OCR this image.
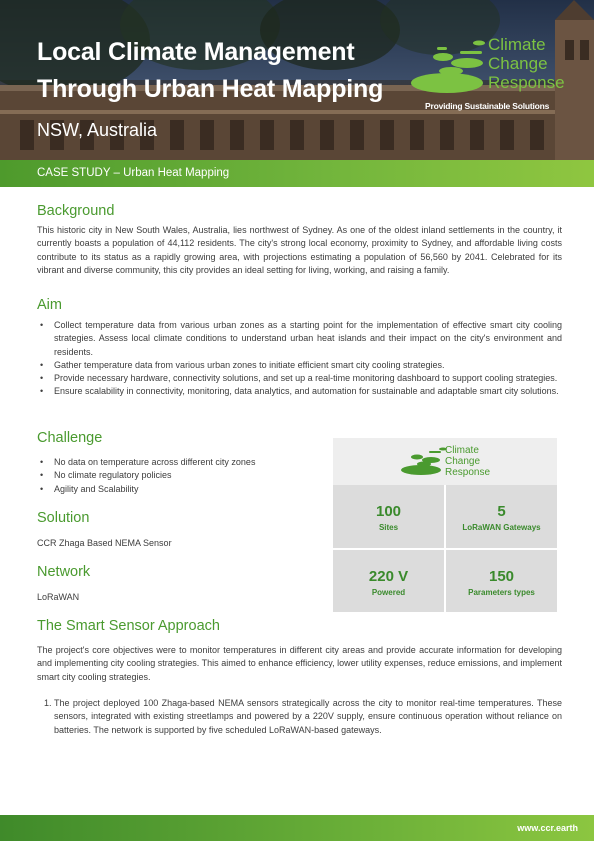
Local Climate Management Through Urban Heat Mapping
NSW, Australia
Climate
Change
Response
Providing Sustainable Solutions
CASE STUDY – Urban Heat Mapping
Background

This historic city in New South Wales, Australia, lies northwest of Sydney. As one of the oldest inland settlements in the country, it currently boasts a population of 44,112 residents. The city's strong local economy, proximity to Sydney, and affordable living costs contribute to its status as a rapidly growing area, with projections estimating a population of 56,560 by 2041. Celebrated for its vibrant and diverse community, this city provides an ideal setting for living, working, and raising a family.

Aim
• Collect temperature data from various urban zones as a starting point for the implementation of effective smart city cooling strategies. Assess local climate conditions to understand urban heat islands and their impact on the city's environment and residents.
• Gather temperature data from various urban zones to initiate efficient smart city cooling strategies.
• Provide necessary hardware, connectivity solutions, and set up a real-time monitoring dashboard to support cooling strategies.
• Ensure scalability in connectivity, monitoring, data analytics, and automation for sustainable and adaptable smart city solutions.
Challenge
• No data on temperature across different city zones
• No climate regulatory policies
• Agility and Scalability
Solution
CCR Zhaga Based NEMA Sensor
Network
LoRaWAN
Climate
Change
Response
100
Sites
5
LoRaWAN Gateways
220 V
Powered
150
Parameters types
The Smart Sensor Approach

The project's core objectives were to monitor temperatures in different city areas and provide accurate information for developing and implementing city cooling strategies. This aimed to enhance efficiency, lower utility expenses, reduce emissions, and implement smart city cooling strategies.

1. The project deployed 100 Zhaga-based NEMA sensors strategically across the city to monitor real-time temperatures. These sensors, integrated with existing streetlamps and powered by a 220V supply, ensure continuous operation without reliance on batteries. The network is supported by five scheduled LoRaWAN-based gateways.
www.ccr.earth
